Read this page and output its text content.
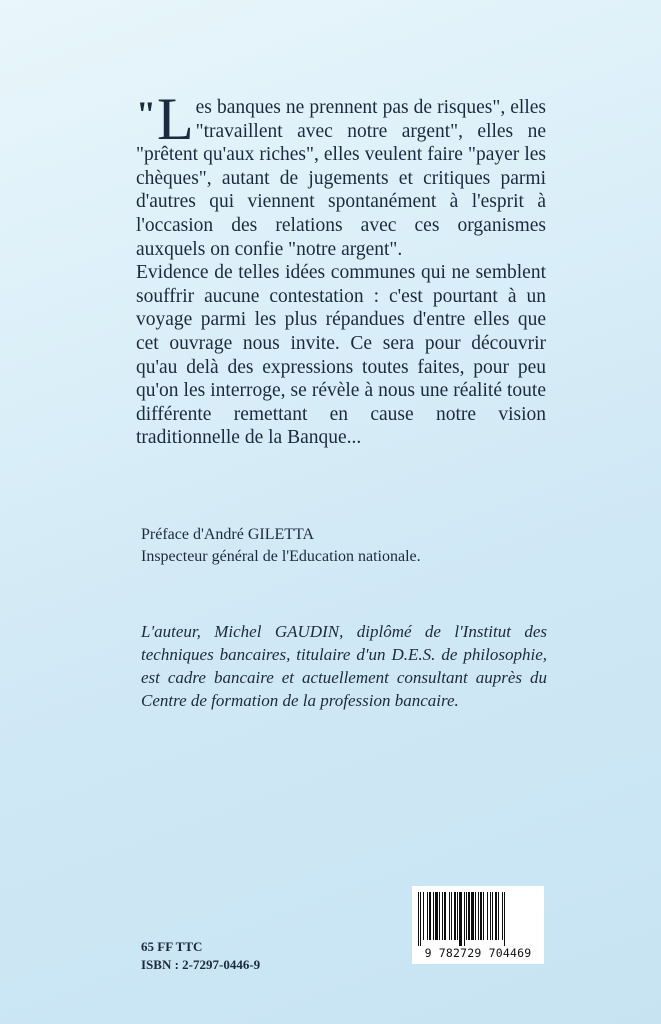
" L es banques ne prennent pas de risques", elles "travaillent avec notre argent", elles ne "prêtent qu'aux riches", elles veulent faire "payer les chèques", autant de jugements et critiques parmi d'autres qui viennent spontanément à l'esprit à l'occasion des relations avec ces organismes auxquels on confie "notre argent".

Evidence de telles idées communes qui ne semblent souffrir aucune contestation : c'est pourtant à un voyage parmi les plus répandues d'entre elles que cet ouvrage nous invite. Ce sera pour découvrir qu'au delà des expressions toutes faites, pour peu qu'on les interroge, se révèle à nous une réalité toute différente remettant en cause notre vision traditionnelle de la Banque...

Préface d'André GILETTA
Inspecteur général de l'Education nationale.

L'auteur, Michel GAUDIN, diplômé de l'Institut des techniques bancaires, titulaire d'un D.E.S. de philosophie, est cadre bancaire et actuellement consultant auprès du Centre de formation de la profession bancaire.

65 FF TTC
ISBN : 2-7297-0446-9
9 782729 704469
